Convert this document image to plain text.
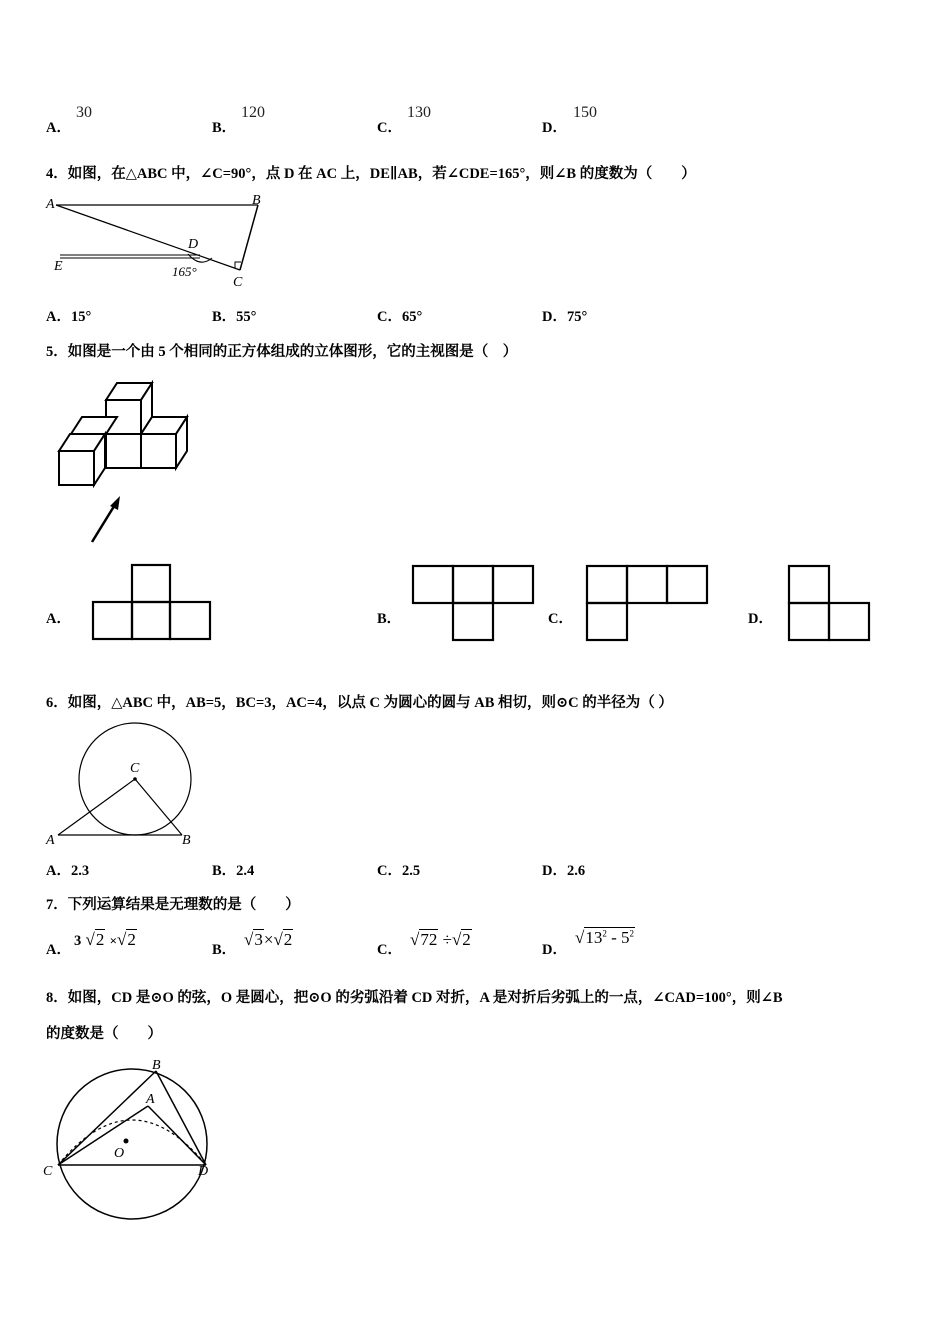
A．
30
B．
120
C．
130
D．
150
4．如图，在△ABC 中，∠C=90°，点 D 在 AC 上，DE∥AB，若∠CDE=165°，则∠B 的度数为（　　）
A	B
C
D
E	165°
A．15°	B．55°	C．65°	D．75°
5．如图是一个由 5 个相同的正方体组成的立体图形，它的主视图是（　）
A．	B．	C．	D．
6．如图，△ABC 中，AB=5，BC=3，AC=4，以点 C 为圆心的圆与 AB 相切，则⊙C 的半径为（ ）
C
A	B
A．2.3	B．2.4	C．2.5	D．2.6
7．下列运算结果是无理数的是（　　）
A．
3 √2 ×√2
B．
√3×√2
C．
√72 ÷√2
D．
$√13^2 - 5^2$
8．如图，CD 是⊙O 的弦，O 是圆心，把⊙O 的劣弧沿着 CD 对折，A 是对折后劣弧上的一点，∠CAD=100°，则∠B
的度数是（　　）
B
A
C	D
O
